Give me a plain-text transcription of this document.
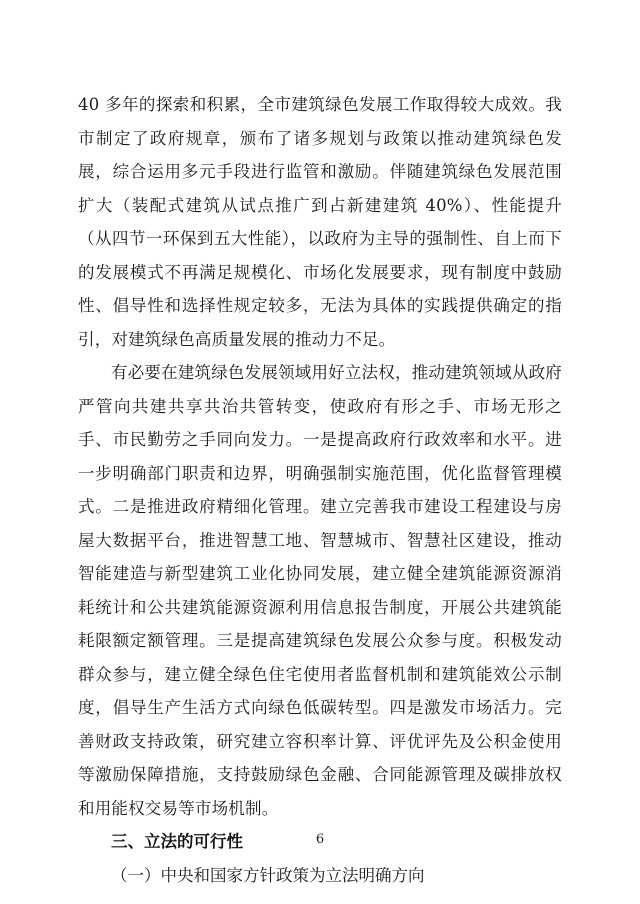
40 多年的探索和积累，全市建筑绿色发展工作取得较大成效。我市制定了政府规章，颁布了诸多规划与政策以推动建筑绿色发展，综合运用多元手段进行监管和激励。伴随建筑绿色发展范围扩大（装配式建筑从试点推广到占新建建筑 40%）、性能提升（从四节一环保到五大性能），以政府为主导的强制性、自上而下的发展模式不再满足规模化、市场化发展要求，现有制度中鼓励性、倡导性和选择性规定较多，无法为具体的实践提供确定的指引，对建筑绿色高质量发展的推动力不足。

有必要在建筑绿色发展领域用好立法权，推动建筑领域从政府严管向共建共享共治共管转变，使政府有形之手、市场无形之手、市民勤劳之手同向发力。一是提高政府行政效率和水平。进一步明确部门职责和边界，明确强制实施范围，优化监督管理模式。二是推进政府精细化管理。建立完善我市建设工程建设与房屋大数据平台，推进智慧工地、智慧城市、智慧社区建设，推动智能建造与新型建筑工业化协同发展，建立健全建筑能源资源消耗统计和公共建筑能源资源利用信息报告制度，开展公共建筑能耗限额定额管理。三是提高建筑绿色发展公众参与度。积极发动群众参与，建立健全绿色住宅使用者监督机制和建筑能效公示制度，倡导生产生活方式向绿色低碳转型。四是激发市场活力。完善财政支持政策，研究建立容积率计算、评优评先及公积金使用等激励保障措施，支持鼓励绿色金融、合同能源管理及碳排放权和用能权交易等市场机制。

三、立法的可行性

（一）中央和国家方针政策为立法明确方向

6
